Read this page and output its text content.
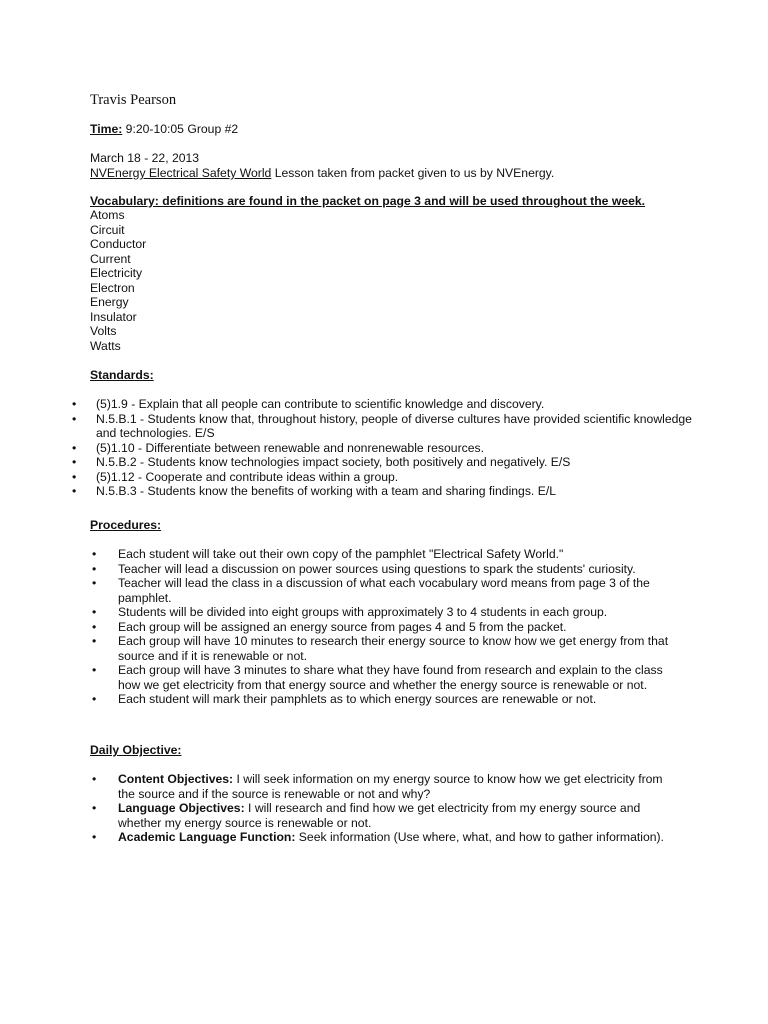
Travis Pearson
Time: 9:20-10:05 Group #2
March 18 - 22, 2013
NVEnergy Electrical Safety World Lesson taken from packet given to us by NVEnergy.
Vocabulary: definitions are found in the packet on page 3 and will be used throughout the week.
Atoms
Circuit
Conductor
Current
Electricity
Electron
Energy
Insulator
Volts
Watts
Standards:
• (5)1.9 - Explain that all people can contribute to scientific knowledge and discovery.
• N.5.B.1 - Students know that, throughout history, people of diverse cultures have provided scientific knowledge and technologies. E/S
• (5)1.10 - Differentiate between renewable and nonrenewable resources.
• N.5.B.2 - Students know technologies impact society, both positively and negatively. E/S
• (5)1.12 - Cooperate and contribute ideas within a group.
• N.5.B.3 - Students know the benefits of working with a team and sharing findings. E/L
Procedures:
• Each student will take out their own copy of the pamphlet "Electrical Safety World."
• Teacher will lead a discussion on power sources using questions to spark the students' curiosity.
• Teacher will lead the class in a discussion of what each vocabulary word means from page 3 of the pamphlet.
• Students will be divided into eight groups with approximately 3 to 4 students in each group.
• Each group will be assigned an energy source from pages 4 and 5 from the packet.
• Each group will have 10 minutes to research their energy source to know how we get energy from that source and if it is renewable or not.
• Each group will have 3 minutes to share what they have found from research and explain to the class how we get electricity from that energy source and whether the energy source is renewable or not.
• Each student will mark their pamphlets as to which energy sources are renewable or not.
Daily Objective:
• Content Objectives: I will seek information on my energy source to know how we get electricity from the source and if the source is renewable or not and why?
• Language Objectives: I will research and find how we get electricity from my energy source and whether my energy source is renewable or not.
• Academic Language Function: Seek information (Use where, what, and how to gather information).
